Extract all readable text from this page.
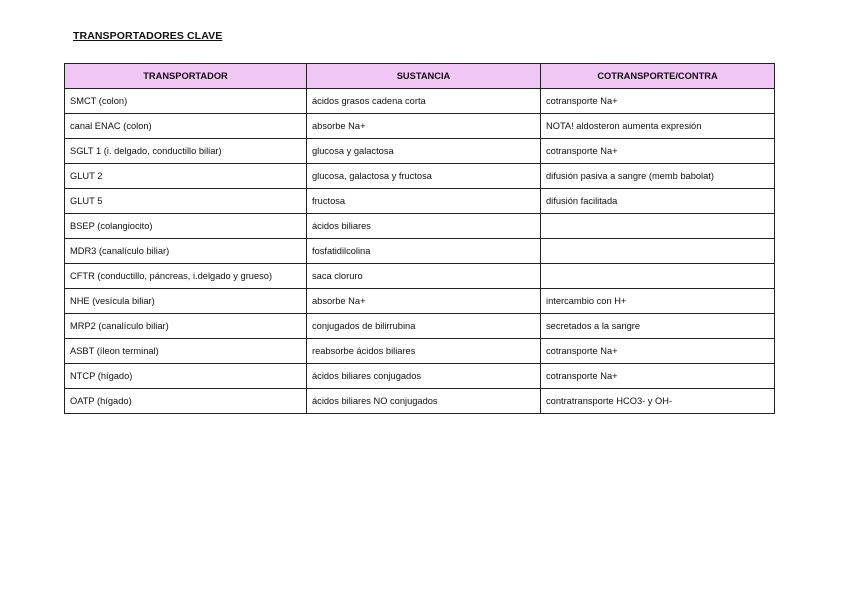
TRANSPORTADORES CLAVE
TRANSPORTADOR	SUSTANCIA	COTRANSPORTE/CONTRA
SMCT (colon)	ácidos grasos cadena corta	cotransporte Na+
canal ENAC (colon)	absorbe Na+	NOTA! aldosteron aumenta expresión
SGLT 1 (i. delgado, conductillo biliar)	glucosa y galactosa	cotransporte Na+
GLUT 2	glucosa, galactosa y fructosa	difusión pasiva a sangre (memb babolat)
GLUT 5	fructosa	difusión facilitada
BSEP (colangiocito)	ácidos biliares	
MDR3 (canalículo biliar)	fosfatidilcolina	
CFTR (conductillo, páncreas, i.delgado y grueso)	saca cloruro	
NHE (vesícula biliar)	absorbe Na+	intercambio con H+
MRP2 (canalículo biliar)	conjugados de bilirrubina	secretados a la sangre
ASBT (íleon terminal)	reabsorbe ácidos biliares	cotransporte Na+
NTCP (hígado)	ácidos biliares conjugados	cotransporte Na+
OATP (hígado)	ácidos biliares NO conjugados	contratransporte HCO3- y OH-
